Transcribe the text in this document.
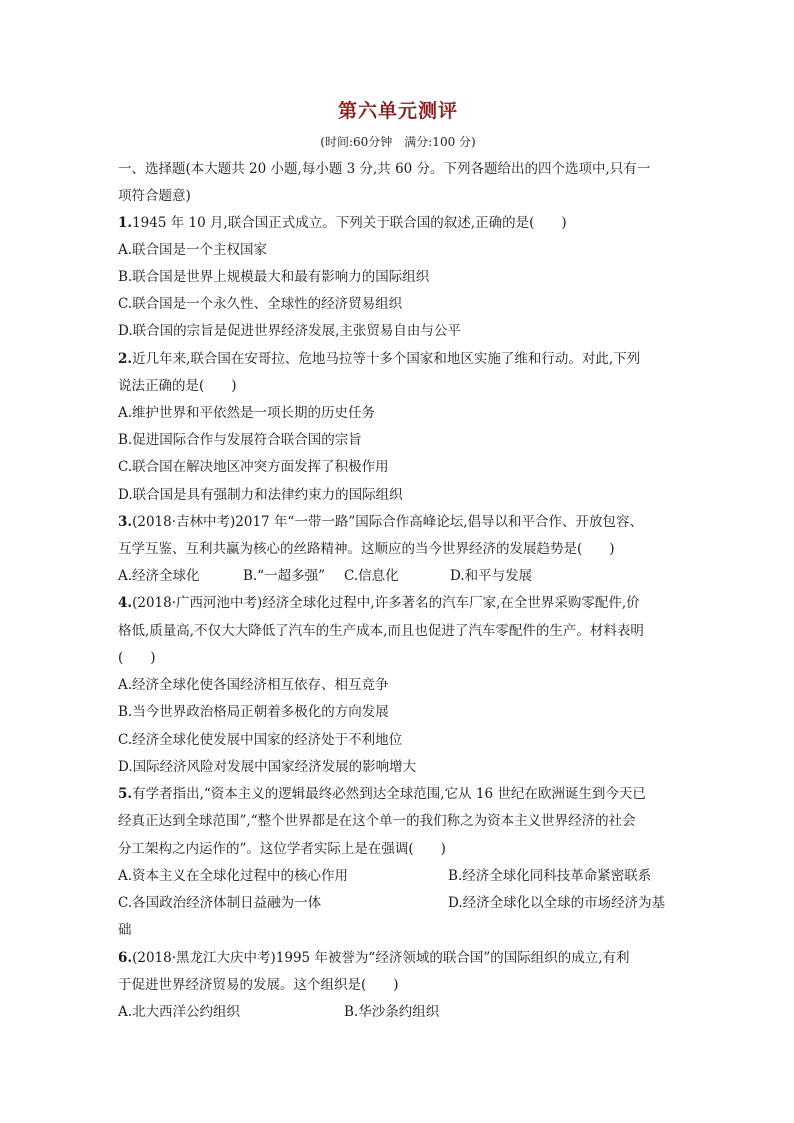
第六单元测评
(时间:60分钟　满分:100 分)
一、选择题(本大题共 20 小题,每小题 3 分,共 60 分。下列各题给出的四个选项中,只有一
项符合题意)
1.1945 年 10 月,联合国正式成立。下列关于联合国的叙述,正确的是(　　)
A.联合国是一个主权国家
B.联合国是世界上规模最大和最有影响力的国际组织
C.联合国是一个永久性、全球性的经济贸易组织
D.联合国的宗旨是促进世界经济发展,主张贸易自由与公平
2.近几年来,联合国在安哥拉、危地马拉等十多个国家和地区实施了维和行动。对此,下列
说法正确的是(　　)
A.维护世界和平依然是一项长期的历史任务
B.促进国际合作与发展符合联合国的宗旨
C.联合国在解决地区冲突方面发挥了积极作用
D.联合国是具有强制力和法律约束力的国际组织
3.(2018·吉林中考)2017 年“一带一路”国际合作高峰论坛,倡导以和平合作、开放包容、
互学互鉴、互利共赢为核心的丝路精神。这顺应的当今世界经济的发展趋势是(　　)
A.经济全球化	B.“一超多强” C.信息化	D.和平与发展
4.(2018·广西河池中考)经济全球化过程中,许多著名的汽车厂家,在全世界采购零配件,价
格低,质量高,不仅大大降低了汽车的生产成本,而且也促进了汽车零配件的生产。材料表明
(　　)
A.经济全球化使各国经济相互依存、相互竞争
B.当今世界政治格局正朝着多极化的方向发展
C.经济全球化使发展中国家的经济处于不利地位
D.国际经济风险对发展中国家经济发展的影响增大
5.有学者指出,“资本主义的逻辑最终必然到达全球范围,它从 16 世纪在欧洲诞生到今天已
经真正达到全球范围”,“整个世界都是在这个单一的我们称之为资本主义世界经济的社会
分工架构之内运作的”。这位学者实际上是在强调(　　)
A.资本主义在全球化过程中的核心作用	B.经济全球化同科技革命紧密联系
C.各国政治经济体制日益融为一体	D.经济全球化以全球的市场经济为基
础
6.(2018·黑龙江大庆中考)1995 年被誉为“经济领域的联合国”的国际组织的成立,有利
于促进世界经济贸易的发展。这个组织是(　　)
A.北大西洋公约组织	B.华沙条约组织
